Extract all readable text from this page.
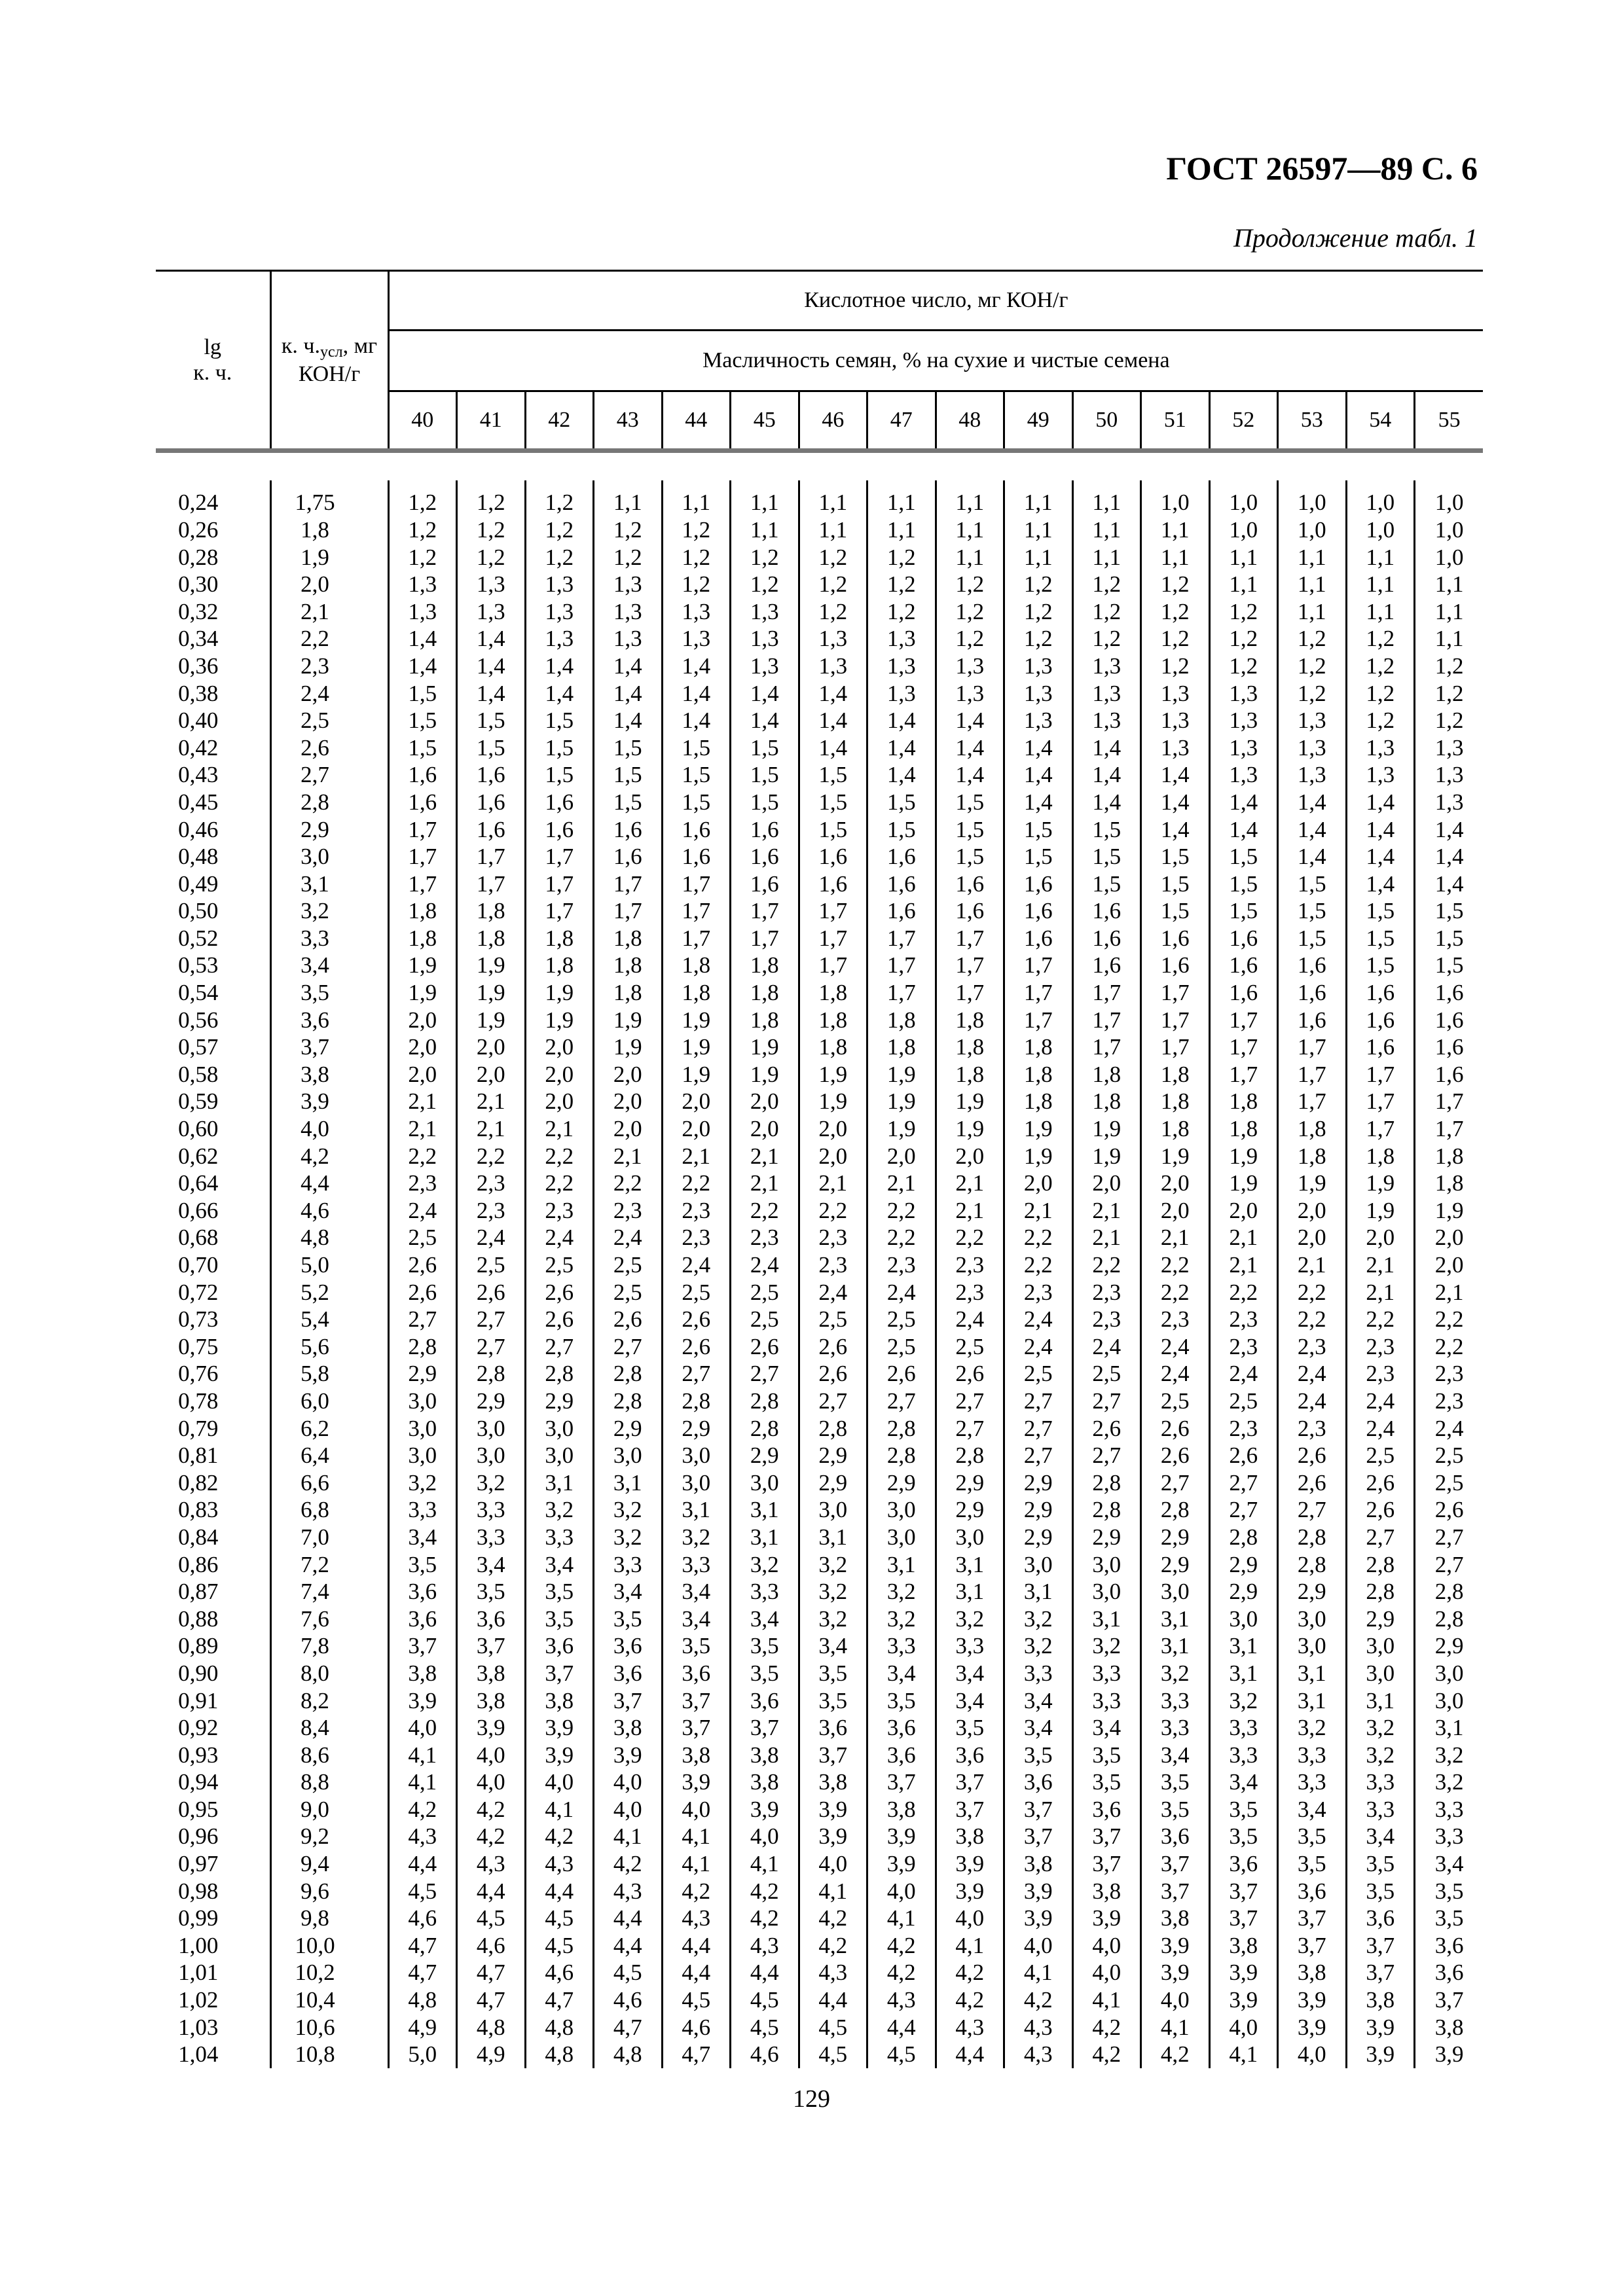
ГОСТ 26597—89 С. 6

Продолжение табл. 1

lg
к. ч.	к. $ч._{усл}$, мг КОН/г	Кислотное число, мг КОН/г															
		Масличность семян, % на сухие и чистые семена															
		40	41	42	43	44	45	46	47	48	49	50	51	52	53	54	55

0,24	1,75	1,2	1,2	1,2	1,1	1,1	1,1	1,1	1,1	1,1	1,1	1,1	1,0	1,0	1,0	1,0	1,0
0,26	1,8	1,2	1,2	1,2	1,2	1,2	1,1	1,1	1,1	1,1	1,1	1,1	1,1	1,0	1,0	1,0	1,0
0,28	1,9	1,2	1,2	1,2	1,2	1,2	1,2	1,2	1,2	1,1	1,1	1,1	1,1	1,1	1,1	1,1	1,0
0,30	2,0	1,3	1,3	1,3	1,3	1,2	1,2	1,2	1,2	1,2	1,2	1,2	1,2	1,1	1,1	1,1	1,1
0,32	2,1	1,3	1,3	1,3	1,3	1,3	1,3	1,2	1,2	1,2	1,2	1,2	1,2	1,2	1,1	1,1	1,1
0,34	2,2	1,4	1,4	1,3	1,3	1,3	1,3	1,3	1,3	1,2	1,2	1,2	1,2	1,2	1,2	1,2	1,1
0,36	2,3	1,4	1,4	1,4	1,4	1,4	1,3	1,3	1,3	1,3	1,3	1,3	1,2	1,2	1,2	1,2	1,2
0,38	2,4	1,5	1,4	1,4	1,4	1,4	1,4	1,4	1,3	1,3	1,3	1,3	1,3	1,3	1,2	1,2	1,2
0,40	2,5	1,5	1,5	1,5	1,4	1,4	1,4	1,4	1,4	1,4	1,3	1,3	1,3	1,3	1,3	1,2	1,2
0,42	2,6	1,5	1,5	1,5	1,5	1,5	1,5	1,4	1,4	1,4	1,4	1,4	1,3	1,3	1,3	1,3	1,3
0,43	2,7	1,6	1,6	1,5	1,5	1,5	1,5	1,5	1,4	1,4	1,4	1,4	1,4	1,3	1,3	1,3	1,3
0,45	2,8	1,6	1,6	1,6	1,5	1,5	1,5	1,5	1,5	1,5	1,4	1,4	1,4	1,4	1,4	1,4	1,3
0,46	2,9	1,7	1,6	1,6	1,6	1,6	1,6	1,5	1,5	1,5	1,5	1,5	1,4	1,4	1,4	1,4	1,4
0,48	3,0	1,7	1,7	1,7	1,6	1,6	1,6	1,6	1,6	1,5	1,5	1,5	1,5	1,5	1,4	1,4	1,4
0,49	3,1	1,7	1,7	1,7	1,7	1,7	1,6	1,6	1,6	1,6	1,6	1,5	1,5	1,5	1,5	1,4	1,4
0,50	3,2	1,8	1,8	1,7	1,7	1,7	1,7	1,7	1,6	1,6	1,6	1,6	1,5	1,5	1,5	1,5	1,5
0,52	3,3	1,8	1,8	1,8	1,8	1,7	1,7	1,7	1,7	1,7	1,6	1,6	1,6	1,6	1,5	1,5	1,5
0,53	3,4	1,9	1,9	1,8	1,8	1,8	1,8	1,7	1,7	1,7	1,7	1,6	1,6	1,6	1,6	1,5	1,5
0,54	3,5	1,9	1,9	1,9	1,8	1,8	1,8	1,8	1,7	1,7	1,7	1,7	1,7	1,6	1,6	1,6	1,6
0,56	3,6	2,0	1,9	1,9	1,9	1,9	1,8	1,8	1,8	1,8	1,7	1,7	1,7	1,7	1,6	1,6	1,6
0,57	3,7	2,0	2,0	2,0	1,9	1,9	1,9	1,8	1,8	1,8	1,8	1,7	1,7	1,7	1,7	1,6	1,6
0,58	3,8	2,0	2,0	2,0	2,0	1,9	1,9	1,9	1,9	1,8	1,8	1,8	1,8	1,7	1,7	1,7	1,6
0,59	3,9	2,1	2,1	2,0	2,0	2,0	2,0	1,9	1,9	1,9	1,8	1,8	1,8	1,8	1,7	1,7	1,7
0,60	4,0	2,1	2,1	2,1	2,0	2,0	2,0	2,0	1,9	1,9	1,9	1,9	1,8	1,8	1,8	1,7	1,7
0,62	4,2	2,2	2,2	2,2	2,1	2,1	2,1	2,0	2,0	2,0	1,9	1,9	1,9	1,9	1,8	1,8	1,8
0,64	4,4	2,3	2,3	2,2	2,2	2,2	2,1	2,1	2,1	2,1	2,0	2,0	2,0	1,9	1,9	1,9	1,8
0,66	4,6	2,4	2,3	2,3	2,3	2,3	2,2	2,2	2,2	2,1	2,1	2,1	2,0	2,0	2,0	1,9	1,9
0,68	4,8	2,5	2,4	2,4	2,4	2,3	2,3	2,3	2,2	2,2	2,2	2,1	2,1	2,1	2,0	2,0	2,0
0,70	5,0	2,6	2,5	2,5	2,5	2,4	2,4	2,3	2,3	2,3	2,2	2,2	2,2	2,1	2,1	2,1	2,0
0,72	5,2	2,6	2,6	2,6	2,5	2,5	2,5	2,4	2,4	2,3	2,3	2,3	2,2	2,2	2,2	2,1	2,1
0,73	5,4	2,7	2,7	2,6	2,6	2,6	2,5	2,5	2,5	2,4	2,4	2,3	2,3	2,3	2,2	2,2	2,2
0,75	5,6	2,8	2,7	2,7	2,7	2,6	2,6	2,6	2,5	2,5	2,4	2,4	2,4	2,3	2,3	2,3	2,2
0,76	5,8	2,9	2,8	2,8	2,8	2,7	2,7	2,6	2,6	2,6	2,5	2,5	2,4	2,4	2,4	2,3	2,3
0,78	6,0	3,0	2,9	2,9	2,8	2,8	2,8	2,7	2,7	2,7	2,7	2,7	2,5	2,5	2,4	2,4	2,3
0,79	6,2	3,0	3,0	3,0	2,9	2,9	2,8	2,8	2,8	2,7	2,7	2,6	2,6	2,3	2,3	2,4	2,4
0,81	6,4	3,0	3,0	3,0	3,0	3,0	2,9	2,9	2,8	2,8	2,7	2,7	2,6	2,6	2,6	2,5	2,5
0,82	6,6	3,2	3,2	3,1	3,1	3,0	3,0	2,9	2,9	2,9	2,9	2,8	2,7	2,7	2,6	2,6	2,5
0,83	6,8	3,3	3,3	3,2	3,2	3,1	3,1	3,0	3,0	2,9	2,9	2,8	2,8	2,7	2,7	2,6	2,6
0,84	7,0	3,4	3,3	3,3	3,2	3,2	3,1	3,1	3,0	3,0	2,9	2,9	2,9	2,8	2,8	2,7	2,7
0,86	7,2	3,5	3,4	3,4	3,3	3,3	3,2	3,2	3,1	3,1	3,0	3,0	2,9	2,9	2,8	2,8	2,7
0,87	7,4	3,6	3,5	3,5	3,4	3,4	3,3	3,2	3,2	3,1	3,1	3,0	3,0	2,9	2,9	2,8	2,8
0,88	7,6	3,6	3,6	3,5	3,5	3,4	3,4	3,2	3,2	3,2	3,2	3,1	3,1	3,0	3,0	2,9	2,8
0,89	7,8	3,7	3,7	3,6	3,6	3,5	3,5	3,4	3,3	3,3	3,2	3,2	3,1	3,1	3,0	3,0	2,9
0,90	8,0	3,8	3,8	3,7	3,6	3,6	3,5	3,5	3,4	3,4	3,3	3,3	3,2	3,1	3,1	3,0	3,0
0,91	8,2	3,9	3,8	3,8	3,7	3,7	3,6	3,5	3,5	3,4	3,4	3,3	3,3	3,2	3,1	3,1	3,0
0,92	8,4	4,0	3,9	3,9	3,8	3,7	3,7	3,6	3,6	3,5	3,4	3,4	3,3	3,3	3,2	3,2	3,1
0,93	8,6	4,1	4,0	3,9	3,9	3,8	3,8	3,7	3,6	3,6	3,5	3,5	3,4	3,3	3,3	3,2	3,2
0,94	8,8	4,1	4,0	4,0	4,0	3,9	3,8	3,8	3,7	3,7	3,6	3,5	3,5	3,4	3,3	3,3	3,2
0,95	9,0	4,2	4,2	4,1	4,0	4,0	3,9	3,9	3,8	3,7	3,7	3,6	3,5	3,5	3,4	3,3	3,3
0,96	9,2	4,3	4,2	4,2	4,1	4,1	4,0	3,9	3,9	3,8	3,7	3,7	3,6	3,5	3,5	3,4	3,3
0,97	9,4	4,4	4,3	4,3	4,2	4,1	4,1	4,0	3,9	3,9	3,8	3,7	3,7	3,6	3,5	3,5	3,4
0,98	9,6	4,5	4,4	4,4	4,3	4,2	4,2	4,1	4,0	3,9	3,9	3,8	3,7	3,7	3,6	3,5	3,5
0,99	9,8	4,6	4,5	4,5	4,4	4,3	4,2	4,2	4,1	4,0	3,9	3,9	3,8	3,7	3,7	3,6	3,5
1,00	10,0	4,7	4,6	4,5	4,4	4,4	4,3	4,2	4,2	4,1	4,0	4,0	3,9	3,8	3,7	3,7	3,6
1,01	10,2	4,7	4,7	4,6	4,5	4,4	4,4	4,3	4,2	4,2	4,1	4,0	3,9	3,9	3,8	3,7	3,6
1,02	10,4	4,8	4,7	4,7	4,6	4,5	4,5	4,4	4,3	4,2	4,2	4,1	4,0	3,9	3,9	3,8	3,7
1,03	10,6	4,9	4,8	4,8	4,7	4,6	4,5	4,5	4,4	4,3	4,3	4,2	4,1	4,0	3,9	3,9	3,8
1,04	10,8	5,0	4,9	4,8	4,8	4,7	4,6	4,5	4,5	4,4	4,3	4,2	4,2	4,1	4,0	3,9	3,9

129
